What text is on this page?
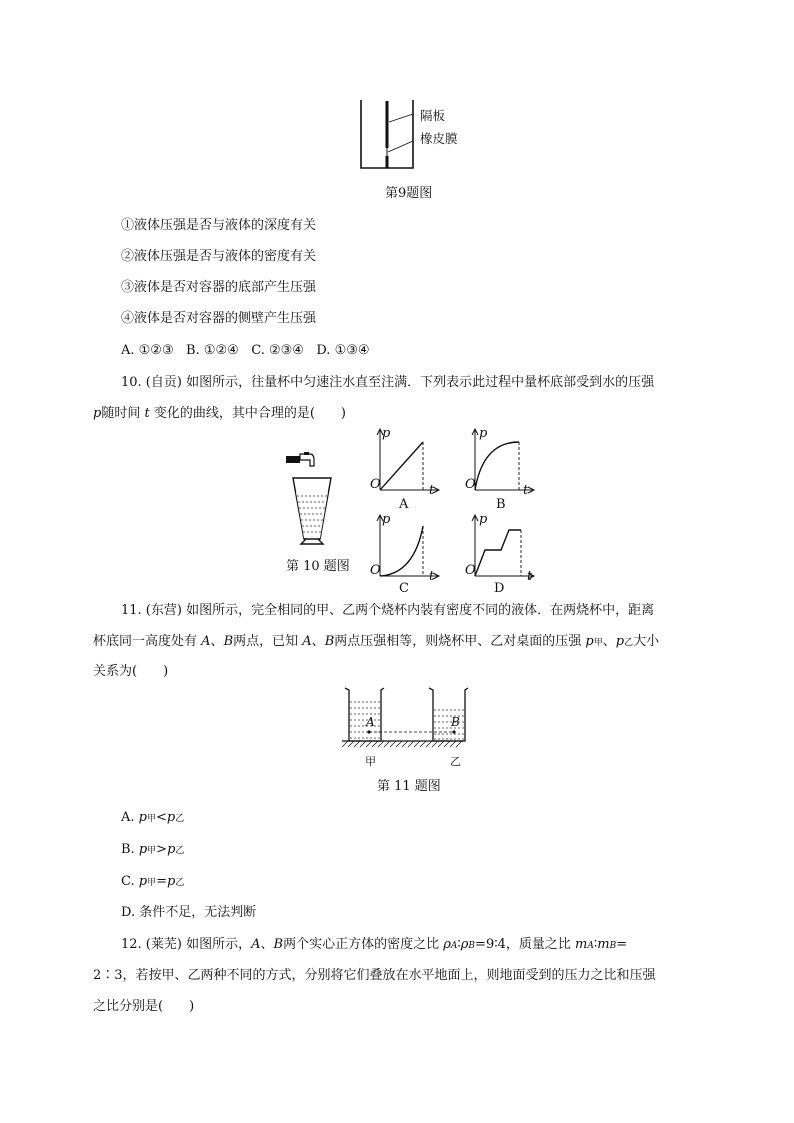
隔板
橡皮膜
第9题图
①液体压强是否与液体的深度有关
②液体压强是否与液体的密度有关
③液体是否对容器的底部产生压强
④液体是否对容器的侧壁产生压强
A. ①②③ B. ①②④ C. ②③④ D. ①③④
10. (自贡) 如图所示，往量杯中匀速注水直至注满．下列表示此过程中量杯底部受到水的压强
p随时间 t 变化的曲线，其中合理的是(　　)
第 10 题图
p
O	t
A
p
O	t
B
p
O	t
C
p
O	t
D
11. (东营) 如图所示，完全相同的甲、乙两个烧杯内装有密度不同的液体．在两烧杯中，距离
杯底同一高度处有 A、B两点，已知 A、B两点压强相等，则烧杯甲、乙对桌面的压强 p甲、p乙大小
关系为(　　)
A	B
甲	乙
第 11 题图
A. p甲<p乙
B. p甲>p乙
C. p甲=p乙
D. 条件不足，无法判断
12. (莱芜) 如图所示，A、B两个实心正方体的密度之比 ρA∶ρB=9∶4，质量之比 mA∶mB=
2∶3，若按甲、乙两种不同的方式，分别将它们叠放在水平地面上，则地面受到的压力之比和压强
之比分别是(　　)
